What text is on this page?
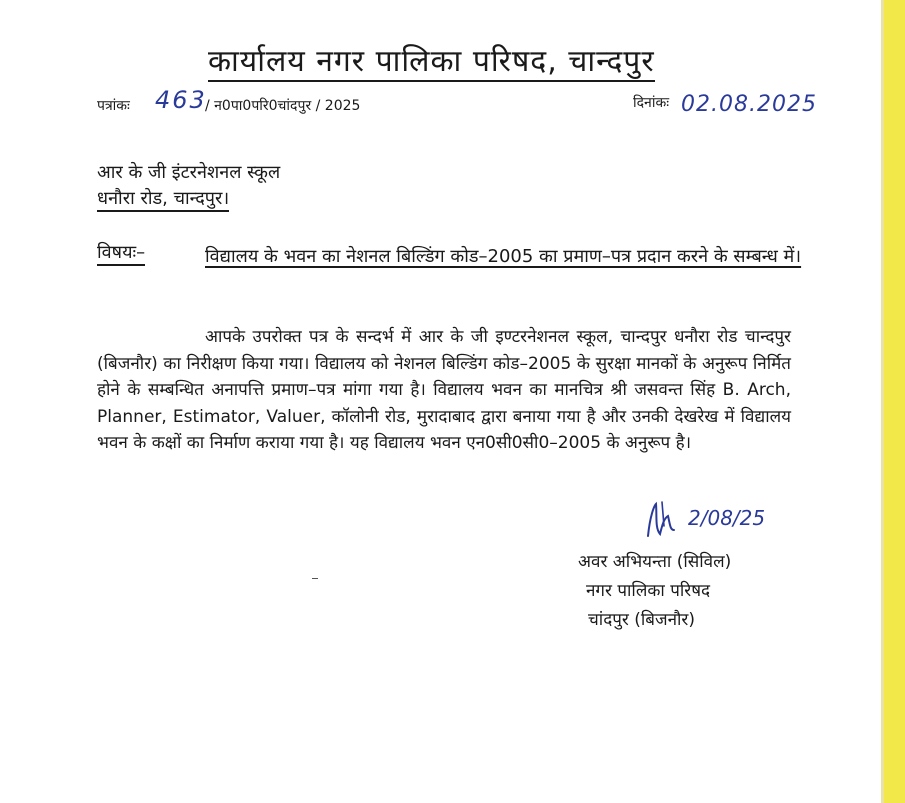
कार्यालय नगर पालिका परिषद, चान्दपुर
पत्रांकः 463
/ न0पा0परि0चांदपुर / 2025	दिनांकः 02.08.2025
आर के जी इंटरनेशनल स्कूल
धनौरा रोड, चान्दपुर।
विषयः–	विद्यालय के भवन का नेशनल बिल्डिंग कोड–2005 का प्रमाण–पत्र प्रदान करने के सम्बन्ध में।
आपके उपरोक्त पत्र के सन्दर्भ में आर के जी इण्टरनेशनल स्कूल, चान्दपुर धनौरा रोड चान्दपुर (बिजनौर) का निरीक्षण किया गया। विद्यालय को नेशनल बिल्डिंग कोड–2005 के सुरक्षा मानकों के अनुरूप निर्मित होने के सम्बन्धित अनापत्ति प्रमाण–पत्र मांगा गया है। विद्यालय भवन का मानचित्र श्री जसवन्त सिंह B. Arch, Planner, Estimator, Valuer, कॉलोनी रोड, मुरादाबाद द्वारा बनाया गया है और उनकी देखरेख में विद्यालय भवन के कक्षों का निर्माण कराया गया है। यह विद्यालय भवन एन0सी0सी0–2005 के अनुरूप है।
2/08/25
अवर अभियन्ता (सिविल)
नगर पालिका परिषद
चांदपुर (बिजनौर)
